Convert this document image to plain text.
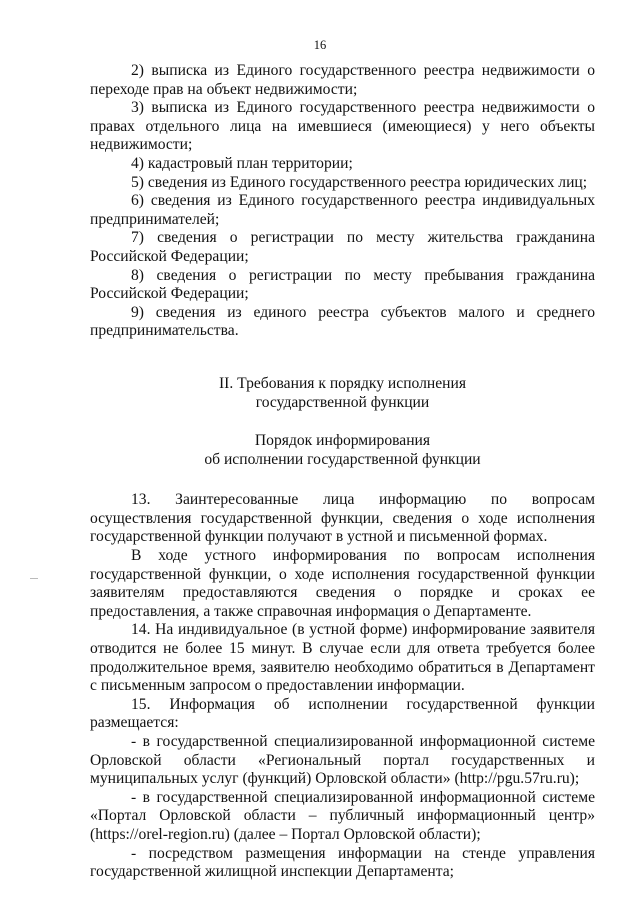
16

2) выписка из Единого государственного реестра недвижимости о переходе прав на объект недвижимости;

3) выписка из Единого государственного реестра недвижимости о правах отдельного лица на имевшиеся (имеющиеся) у него объекты недвижимости;

4) кадастровый план территории;

5) сведения из Единого государственного реестра юридических лиц;

6) сведения из Единого государственного реестра индивидуальных предпринимателей;

7) сведения о регистрации по месту жительства гражданина Российской Федерации;

8) сведения о регистрации по месту пребывания гражданина Российской Федерации;

9) сведения из единого реестра субъектов малого и среднего предпринимательства.

II. Требования к порядку исполнения

государственной функции

Порядок информирования

об исполнении государственной функции

13. Заинтересованные лица информацию по вопросам осуществления государственной функции, сведения о ходе исполнения государственной функции получают в устной и письменной формах.

В ходе устного информирования по вопросам исполнения государственной функции, о ходе исполнения государственной функции заявителям предоставляются сведения о порядке и сроках ее предоставления, а также справочная информация о Департаменте.

14. На индивидуальное (в устной форме) информирование заявителя отводится не более 15 минут. В случае если для ответа требуется более продолжительное время, заявителю необходимо обратиться в Департамент с письменным запросом о предоставлении информации.

15. Информация об исполнении государственной функции размещается:

- в государственной специализированной информационной системе Орловской области «Региональный портал государственных и муниципальных услуг (функций) Орловской области» (http://pgu.57ru.ru);

- в государственной специализированной информационной системе «Портал Орловской области – публичный информационный центр» (https://orel-region.ru) (далее – Портал Орловской области);

- посредством размещения информации на стенде управления государственной жилищной инспекции Департамента;
